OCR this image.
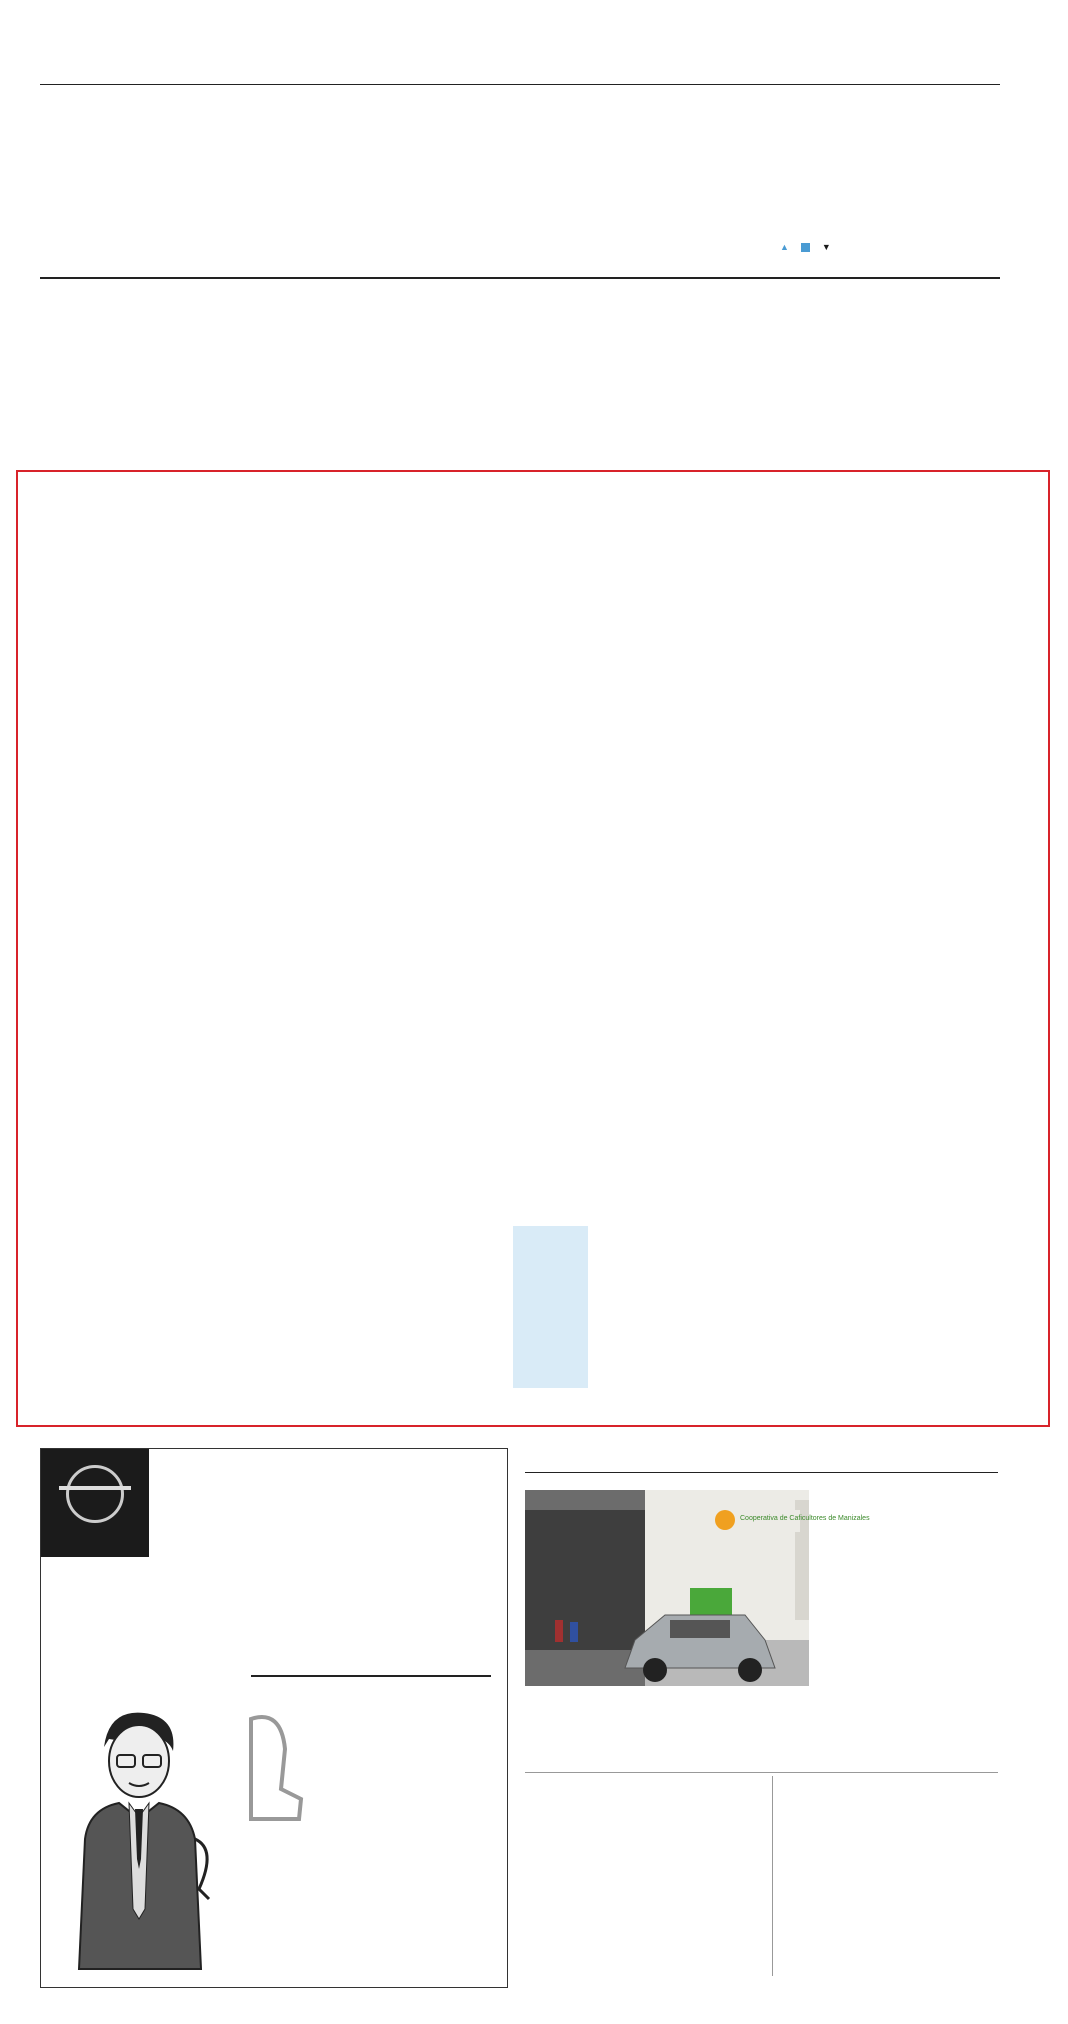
▲	▼

Cooperativa de Caficultores de Manizales
